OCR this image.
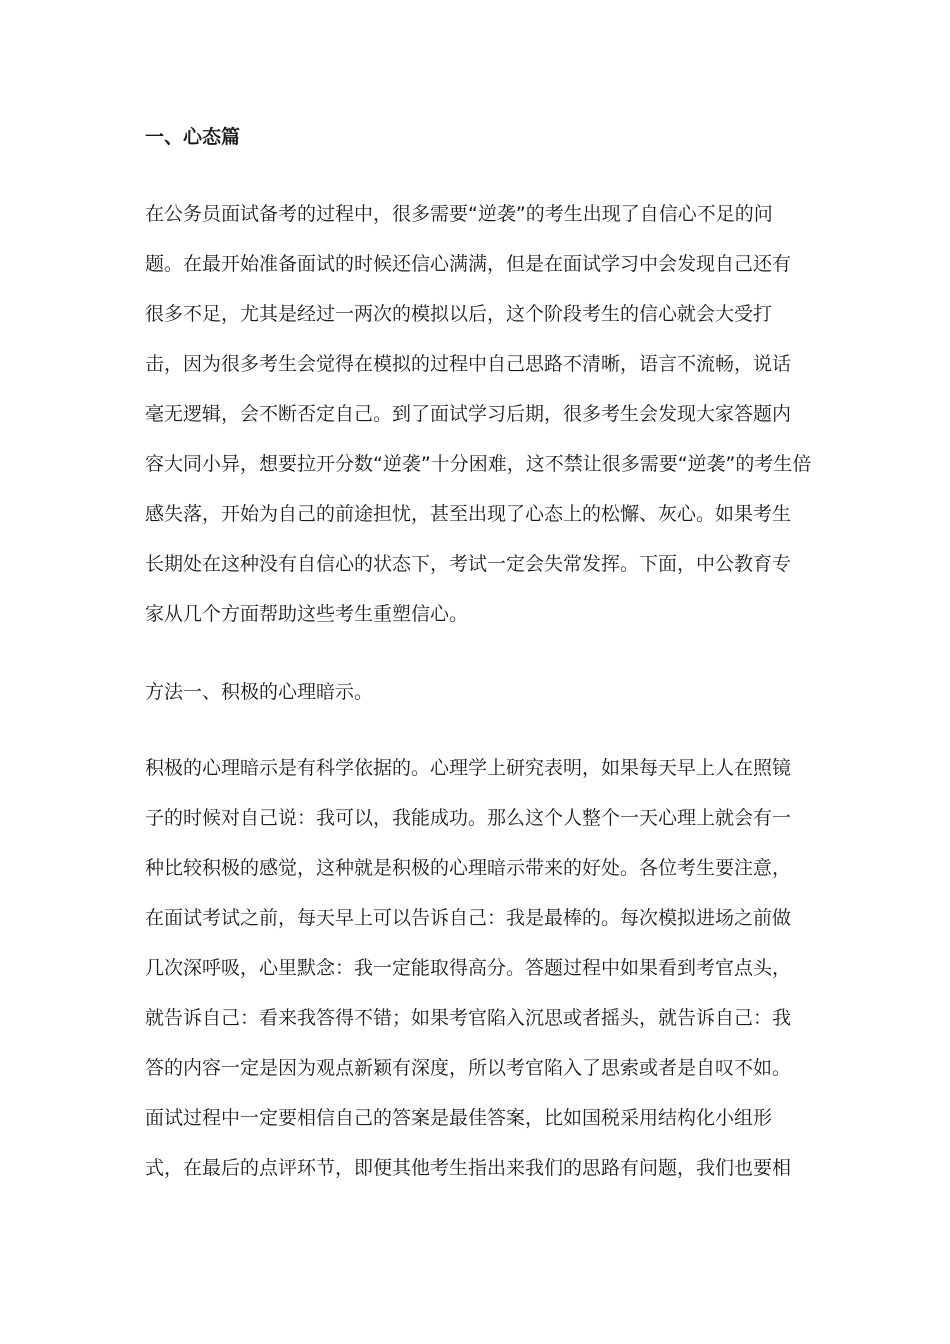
一、心态篇

在公务员面试备考的过程中，很多需要“逆袭”的考生出现了自信心不足的问

题。在最开始准备面试的时候还信心满满，但是在面试学习中会发现自己还有

很多不足，尤其是经过一两次的模拟以后，这个阶段考生的信心就会大受打

击，因为很多考生会觉得在模拟的过程中自己思路不清晰，语言不流畅，说话

毫无逻辑，会不断否定自己。到了面试学习后期，很多考生会发现大家答题内

容大同小异，想要拉开分数“逆袭”十分困难，这不禁让很多需要“逆袭”的考生倍

感失落，开始为自己的前途担忧，甚至出现了心态上的松懈、灰心。如果考生

长期处在这种没有自信心的状态下，考试一定会失常发挥。下面，中公教育专

家从几个方面帮助这些考生重塑信心。

方法一、积极的心理暗示。

积极的心理暗示是有科学依据的。心理学上研究表明，如果每天早上人在照镜

子的时候对自己说：我可以，我能成功。那么这个人整个一天心理上就会有一

种比较积极的感觉，这种就是积极的心理暗示带来的好处。各位考生要注意，

在面试考试之前，每天早上可以告诉自己：我是最棒的。每次模拟进场之前做

几次深呼吸，心里默念：我一定能取得高分。答题过程中如果看到考官点头，

就告诉自己：看来我答得不错；如果考官陷入沉思或者摇头，就告诉自己：我

答的内容一定是因为观点新颖有深度，所以考官陷入了思索或者是自叹不如。

面试过程中一定要相信自己的答案是最佳答案，比如国税采用结构化小组形

式，在最后的点评环节，即便其他考生指出来我们的思路有问题，我们也要相
